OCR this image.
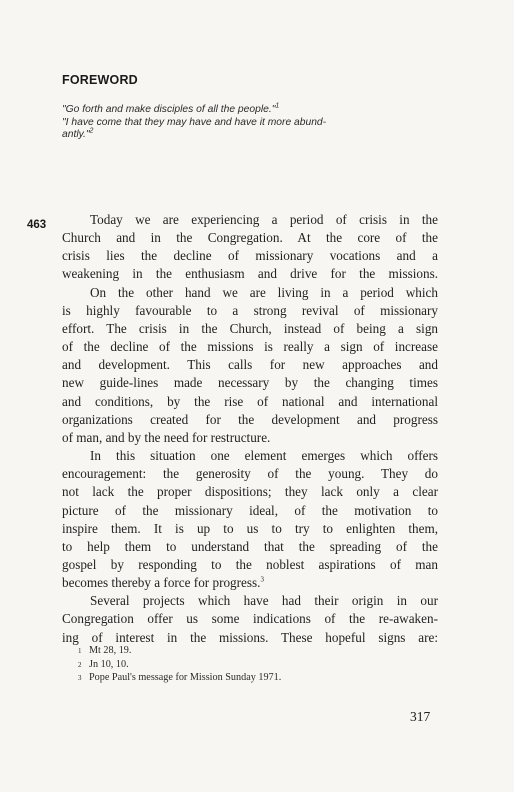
FOREWORD
"Go forth and make disciples of all the people."$^1$
"I have come that they may have and have it more abund-
antly."$^2$
463	Today we are experiencing a period of crisis in the
Church and in the Congregation. At the core of the
crisis lies the decline of missionary vocations and a
weakening in the enthusiasm and drive for the missions.
On the other hand we are living in a period which
is highly favourable to a strong revival of missionary
effort. The crisis in the Church, instead of being a sign
of the decline of the missions is really a sign of increase
and development. This calls for new approaches and
new guide-lines made necessary by the changing times
and conditions, by the rise of national and international
organizations created for the development and progress
of man, and by the need for restructure.
In this situation one element emerges which offers
encouragement: the generosity of the young. They do
not lack the proper dispositions; they lack only a clear
picture of the missionary ideal, of the motivation to
inspire them. It is up to us to try to enlighten them,
to help them to understand that the spreading of the
gospel by responding to the noblest aspirations of man
becomes thereby a force for progress.$^3$
Several projects which have had their origin in our
Congregation offer us some indications of the re-awaken-
ing of interest in the missions. These hopeful signs are:
1 Mt 28, 19.
2 Jn 10, 10.
3 Pope Paul's message for Mission Sunday 1971.
317
